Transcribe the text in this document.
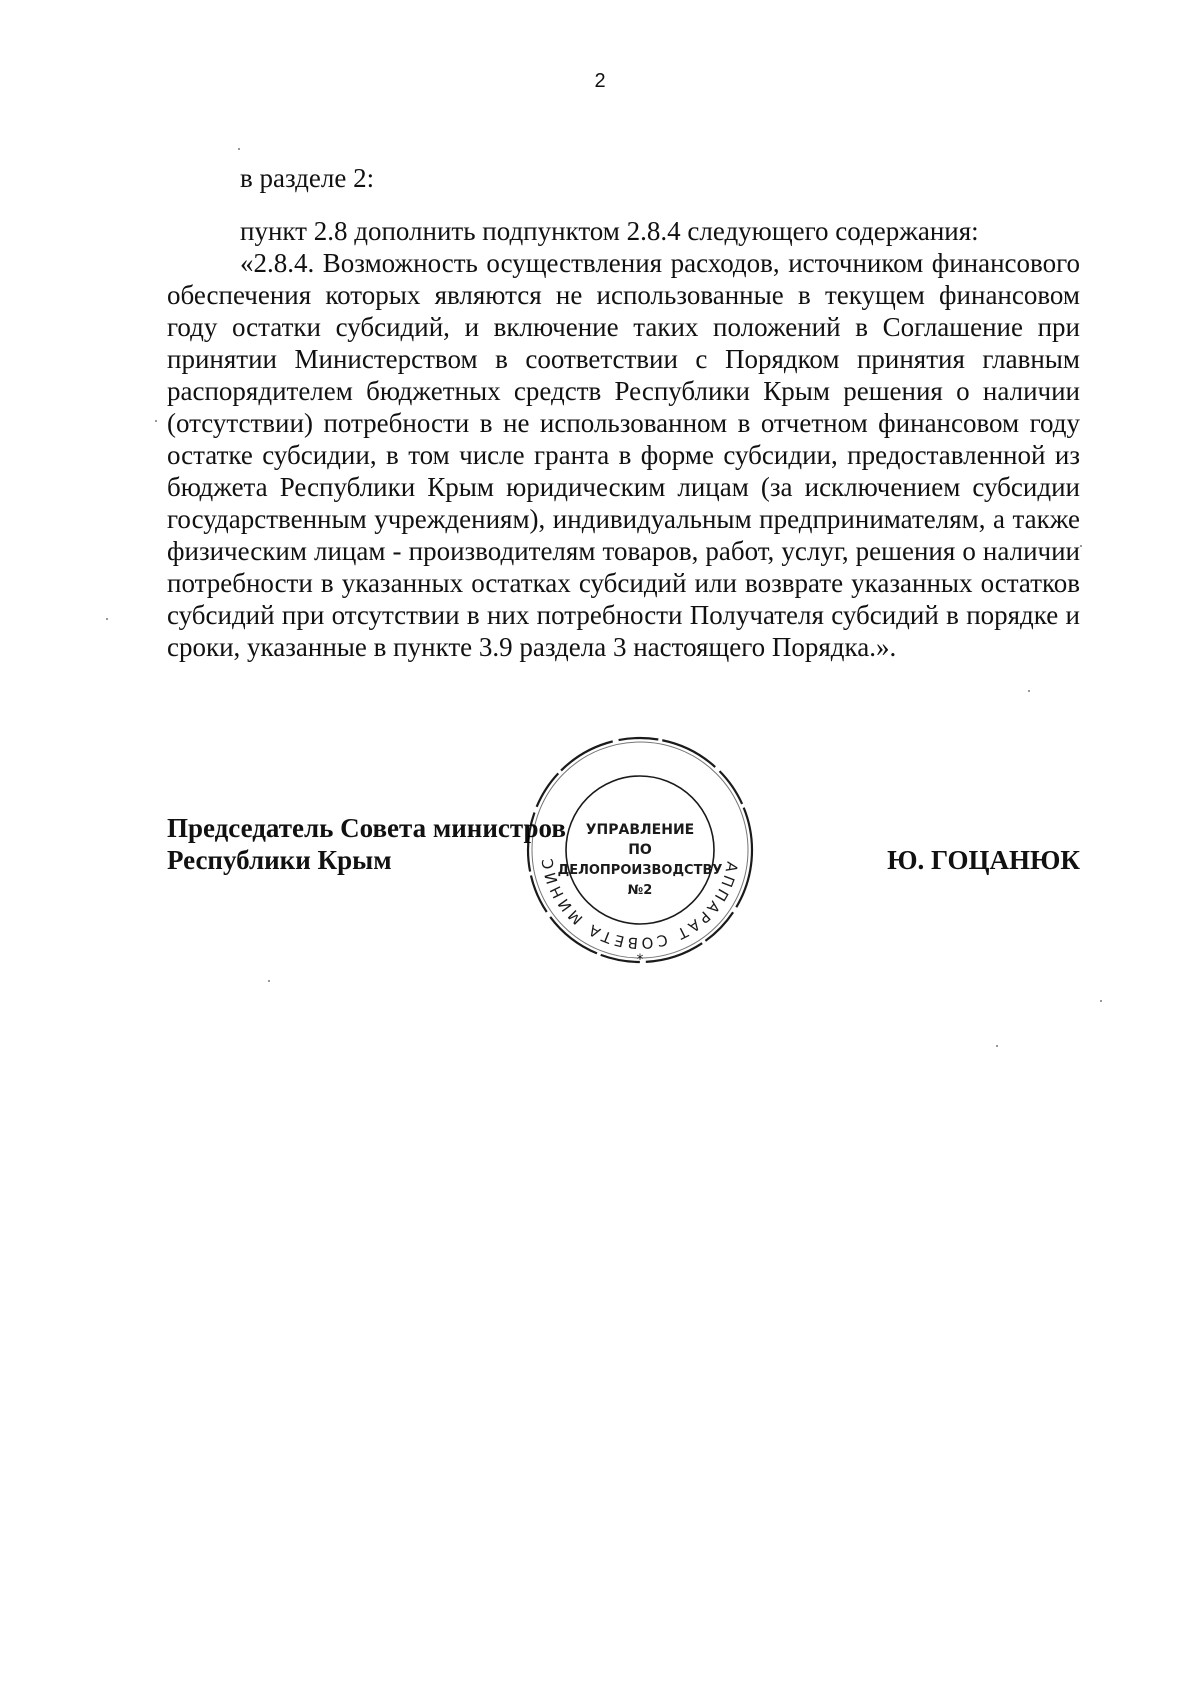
2

в разделе 2:

пункт 2.8 дополнить подпунктом 2.8.4 следующего содержания:

«2.8.4. Возможность осуществления расходов, источником финансового обеспечения которых являются не использованные в текущем финансовом году остатки субсидий, и включение таких положений в Соглашение при принятии Министерством в соответствии с Порядком принятия главным распорядителем бюджетных средств Республики Крым решения о наличии (отсутствии) потребности в не использованном в отчетном финансовом году остатке субсидии, в том числе гранта в форме субсидии, предоставленной из бюджета Республики Крым юридическим лицам (за исключением субсидии государственным учреждениям), индивидуальным предпринимателям, а также физическим лицам - производителям товаров, работ, услуг, решения о наличии потребности в указанных остатках субсидий или возврате указанных остатков субсидий при отсутствии в них потребности Получателя субсидий в порядке и сроки, указанные в пункте 3.9 раздела 3 настоящего Порядка.».

Председатель Совета министров
Республики Крым	Ю. ГОЦАНЮК
АППАРАТ СОВЕТА МИНИС
УПРАВЛЕНИЕ
ПО
ДЕЛОПРОИЗВОДСТВУ
№2
*
